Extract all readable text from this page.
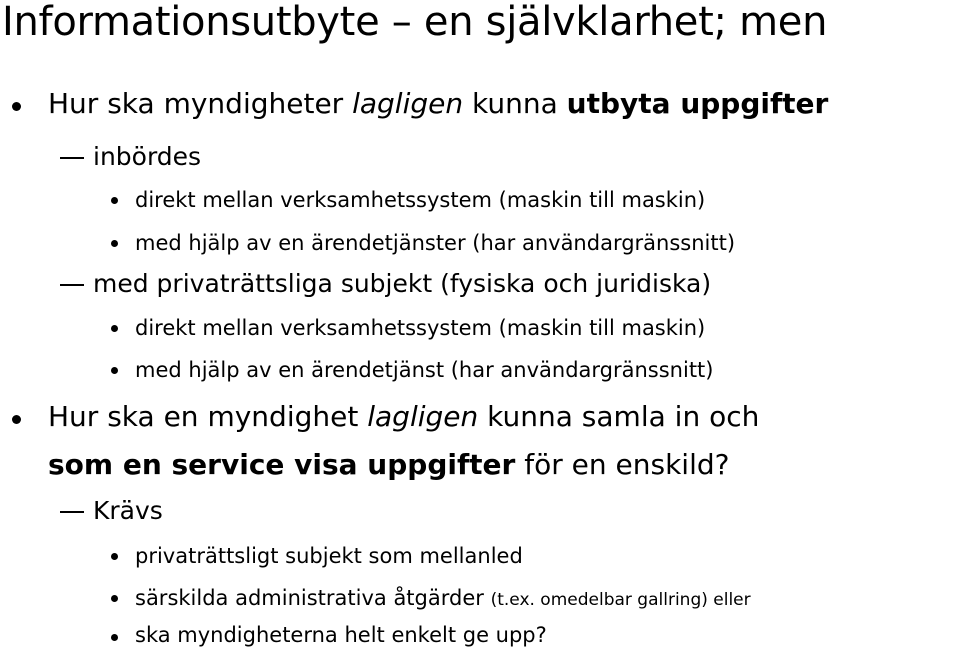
Informationsutbyte – en självklarhet; men
Hur ska myndigheter lagligen kunna utbyta uppgifter
inbördes
direkt mellan verksamhetssystem (maskin till maskin)
med hjälp av en ärendetjänster (har användargränssnitt)
med privaträttsliga subjekt (fysiska och juridiska)
direkt mellan verksamhetssystem (maskin till maskin)
med hjälp av en ärendetjänst (har användargränssnitt)
Hur ska en myndighet lagligen kunna samla in och
som en service visa uppgifter för en enskild?
Krävs
privaträttsligt subjekt som mellanled
särskilda administrativa åtgärder (t.ex. omedelbar gallring) eller
ska myndigheterna helt enkelt ge upp?
